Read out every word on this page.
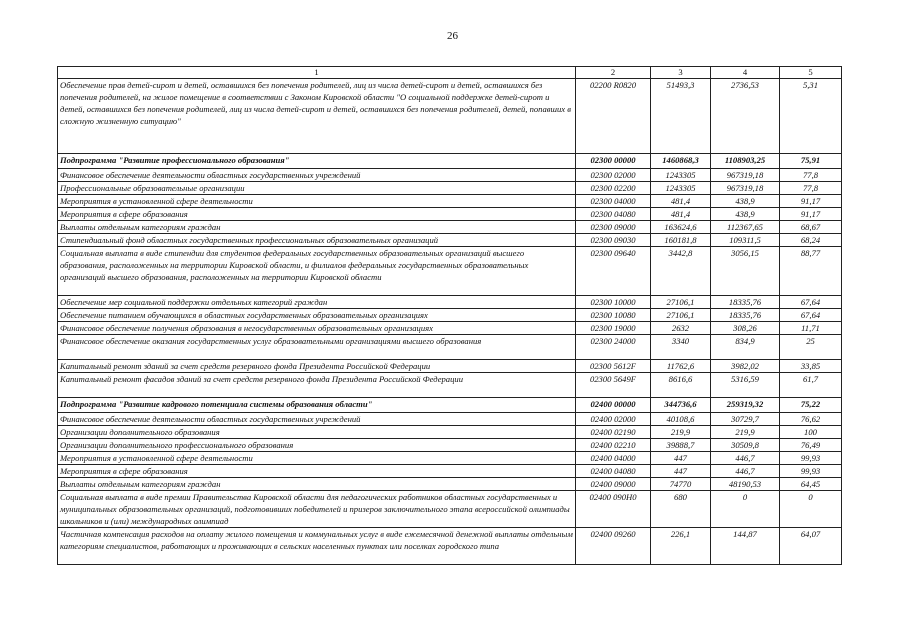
26
1	2	3	4	5
Обеспечение прав детей-сирот и детей, оставшихся без попечения родителей, лиц из числа детей-сирот и детей, оставшихся без попечения родителей, на жилое помещение в соответствии с Законом Кировской области "О социальной поддержке детей-сирот и детей, оставшихся без попечения родителей, лиц из числа детей-сирот и детей, оставшихся без попечения родителей, детей, попавших в сложную жизненную ситуацию"	02200 R0820	51493,3	2736,53	5,31
Подпрограмма "Развитие профессионального образования"	02300 00000	1460868,3	1108903,25	75,91
Финансовое обеспечение деятельности областных государственных учреждений	02300 02000	1243305	967319,18	77,8
Профессиональные образовательные организации	02300 02200	1243305	967319,18	77,8
Мероприятия в установленной сфере деятельности	02300 04000	481,4	438,9	91,17
Мероприятия в сфере образования	02300 04080	481,4	438,9	91,17
Выплаты отдельным категориям граждан	02300 09000	163624,6	112367,65	68,67
Стипендиальный фонд областных государственных профессиональных образовательных организаций	02300 09030	160181,8	109311,5	68,24
Социальная выплата в виде стипендии для студентов федеральных государственных образовательных организаций высшего образования, расположенных на территории Кировской области, и филиалов федеральных государственных образовательных организаций высшего образования, расположенных на территории Кировской области	02300 09640	3442,8	3056,15	88,77
Обеспечение мер социальной поддержки отдельных категорий граждан	02300 10000	27106,1	18335,76	67,64
Обеспечение питанием обучающихся в областных государственных образовательных организациях	02300 10080	27106,1	18335,76	67,64
Финансовое обеспечение получения образования в негосударственных образовательных организациях	02300 19000	2632	308,26	11,71
Финансовое обеспечение оказания государственных услуг образовательными организациями высшего образования	02300 24000	3340	834,9	25
Капитальный ремонт зданий за счет средств резервного фонда Президента Российской Федерации	02300 5612F	11762,6	3982,02	33,85
Капитальный ремонт фасадов зданий за счет средств резервного фонда Президента Российской Федерации	02300 5649F	8616,6	5316,59	61,7
Подпрограмма "Развитие кадрового потенциала системы образования области"	02400 00000	344736,6	259319,32	75,22
Финансовое обеспечение деятельности областных государственных учреждений	02400 02000	40108,6	30729,7	76,62
Организации дополнительного образования	02400 02190	219,9	219,9	100
Организации дополнительного профессионального образования	02400 02210	39888,7	30509,8	76,49
Мероприятия в установленной сфере деятельности	02400 04000	447	446,7	99,93
Мероприятия в сфере образования	02400 04080	447	446,7	99,93
Выплаты отдельным категориям граждан	02400 09000	74770	48190,53	64,45
Социальная выплата в виде премии Правительства Кировской области для педагогических работников областных государственных и муниципальных образовательных организаций, подготовивших победителей и призеров заключительного этапа всероссийской олимпиады школьников и (или) международных олимпиад	02400 090H0	680	0	0
Частичная компенсация расходов на оплату жилого помещения и коммунальных услуг в виде ежемесячной денежной выплаты отдельным категориям специалистов, работающих и проживающих в сельских населенных пунктах или поселках городского типа	02400 09260	226,1	144,87	64,07
